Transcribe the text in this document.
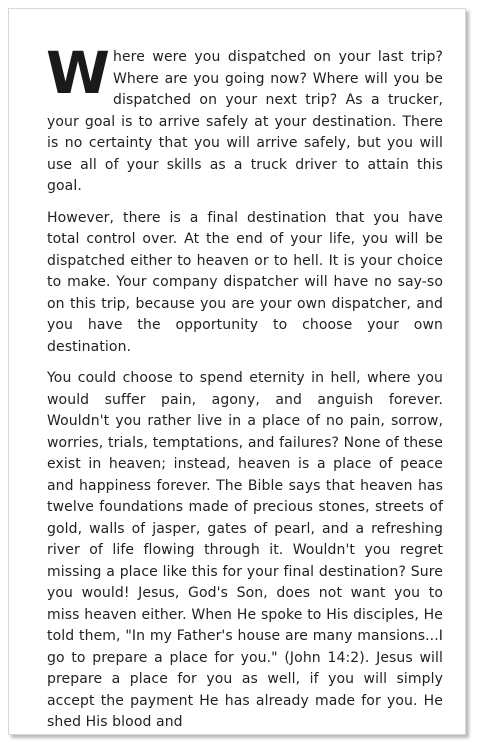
Where were you dispatched on your last trip? Where are you going now? Where will you be dispatched on your next trip? As a trucker, your goal is to arrive safely at your destination. There is no certainty that you will arrive safely, but you will use all of your skills as a truck driver to attain this goal.

However, there is a final destination that you have total control over. At the end of your life, you will be dispatched either to heaven or to hell. It is your choice to make. Your company dispatcher will have no say-so on this trip, because you are your own dispatcher, and you have the opportunity to choose your own destination.

You could choose to spend eternity in hell, where you would suffer pain, agony, and anguish forever. Wouldn't you rather live in a place of no pain, sorrow, worries, trials, temptations, and failures? None of these exist in heaven; instead, heaven is a place of peace and happiness forever. The Bible says that heaven has twelve foundations made of precious stones, streets of gold, walls of jasper, gates of pearl, and a refreshing river of life flowing through it. Wouldn't you regret missing a place like this for your final destination? Sure you would! Jesus, God's Son, does not want you to miss heaven either. When He spoke to His disciples, He told them, "In my Father's house are many mansions...I go to prepare a place for you." (John 14:2). Jesus will prepare a place for you as well, if you will simply accept the payment He has already made for you. He shed His blood and
